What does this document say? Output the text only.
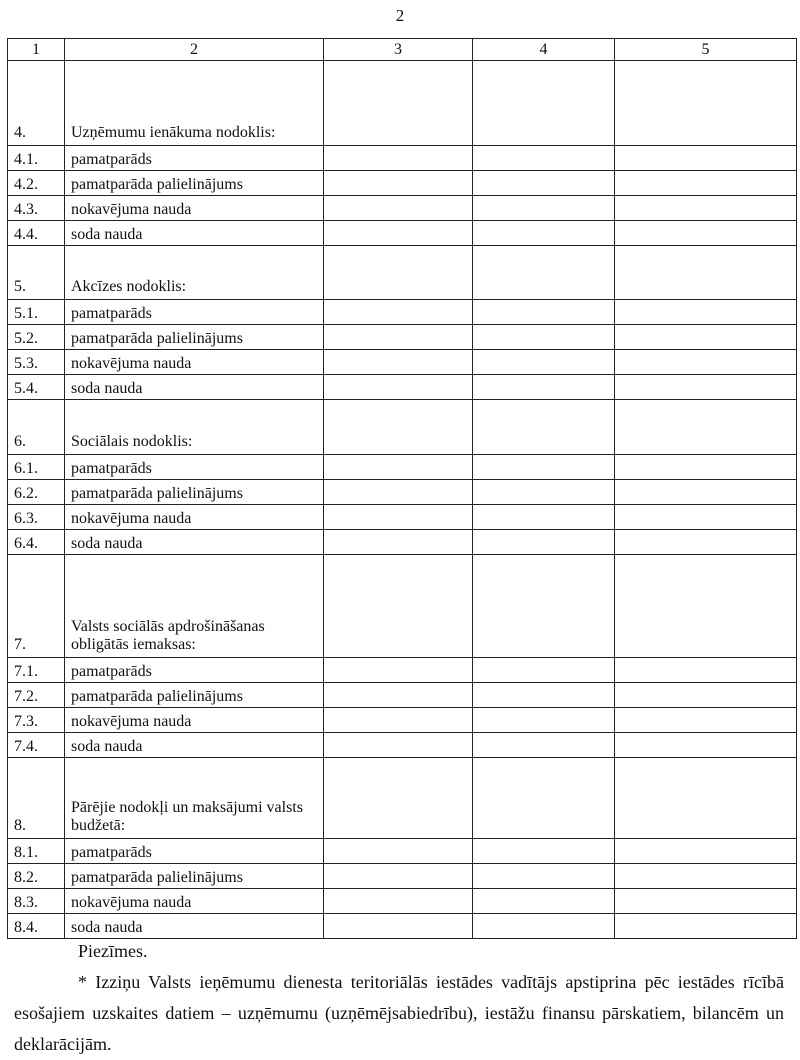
2
1	2	3	4	5
4.	Uzņēmumu ienākuma nodoklis:			
4.1.	pamatparāds			
4.2.	pamatparāda palielinājums			
4.3.	nokavējuma nauda			
4.4.	soda nauda			
5.	Akcīzes nodoklis:			
5.1.	pamatparāds			
5.2.	pamatparāda palielinājums			
5.3.	nokavējuma nauda			
5.4.	soda nauda			
6.	Sociālais nodoklis:			
6.1.	pamatparāds			
6.2.	pamatparāda palielinājums			
6.3.	nokavējuma nauda			
6.4.	soda nauda			
7.	Valsts sociālās apdrošināšanas obligātās iemaksas:			
7.1.	pamatparāds			
7.2.	pamatparāda palielinājums			
7.3.	nokavējuma nauda			
7.4.	soda nauda			
8.	Pārējie nodokļi un maksājumi valsts budžetā:			
8.1.	pamatparāds			
8.2.	pamatparāda palielinājums			
8.3.	nokavējuma nauda			
8.4.	soda nauda			
Piezīmes.

* Izziņu Valsts ieņēmumu dienesta teritoriālās iestādes vadītājs apstiprina pēc iestādes rīcībā esošajiem uzskaites datiem – uzņēmumu (uzņēmējsabiedrību), iestāžu finansu pārskatiem, bilancēm un deklarācijām.
